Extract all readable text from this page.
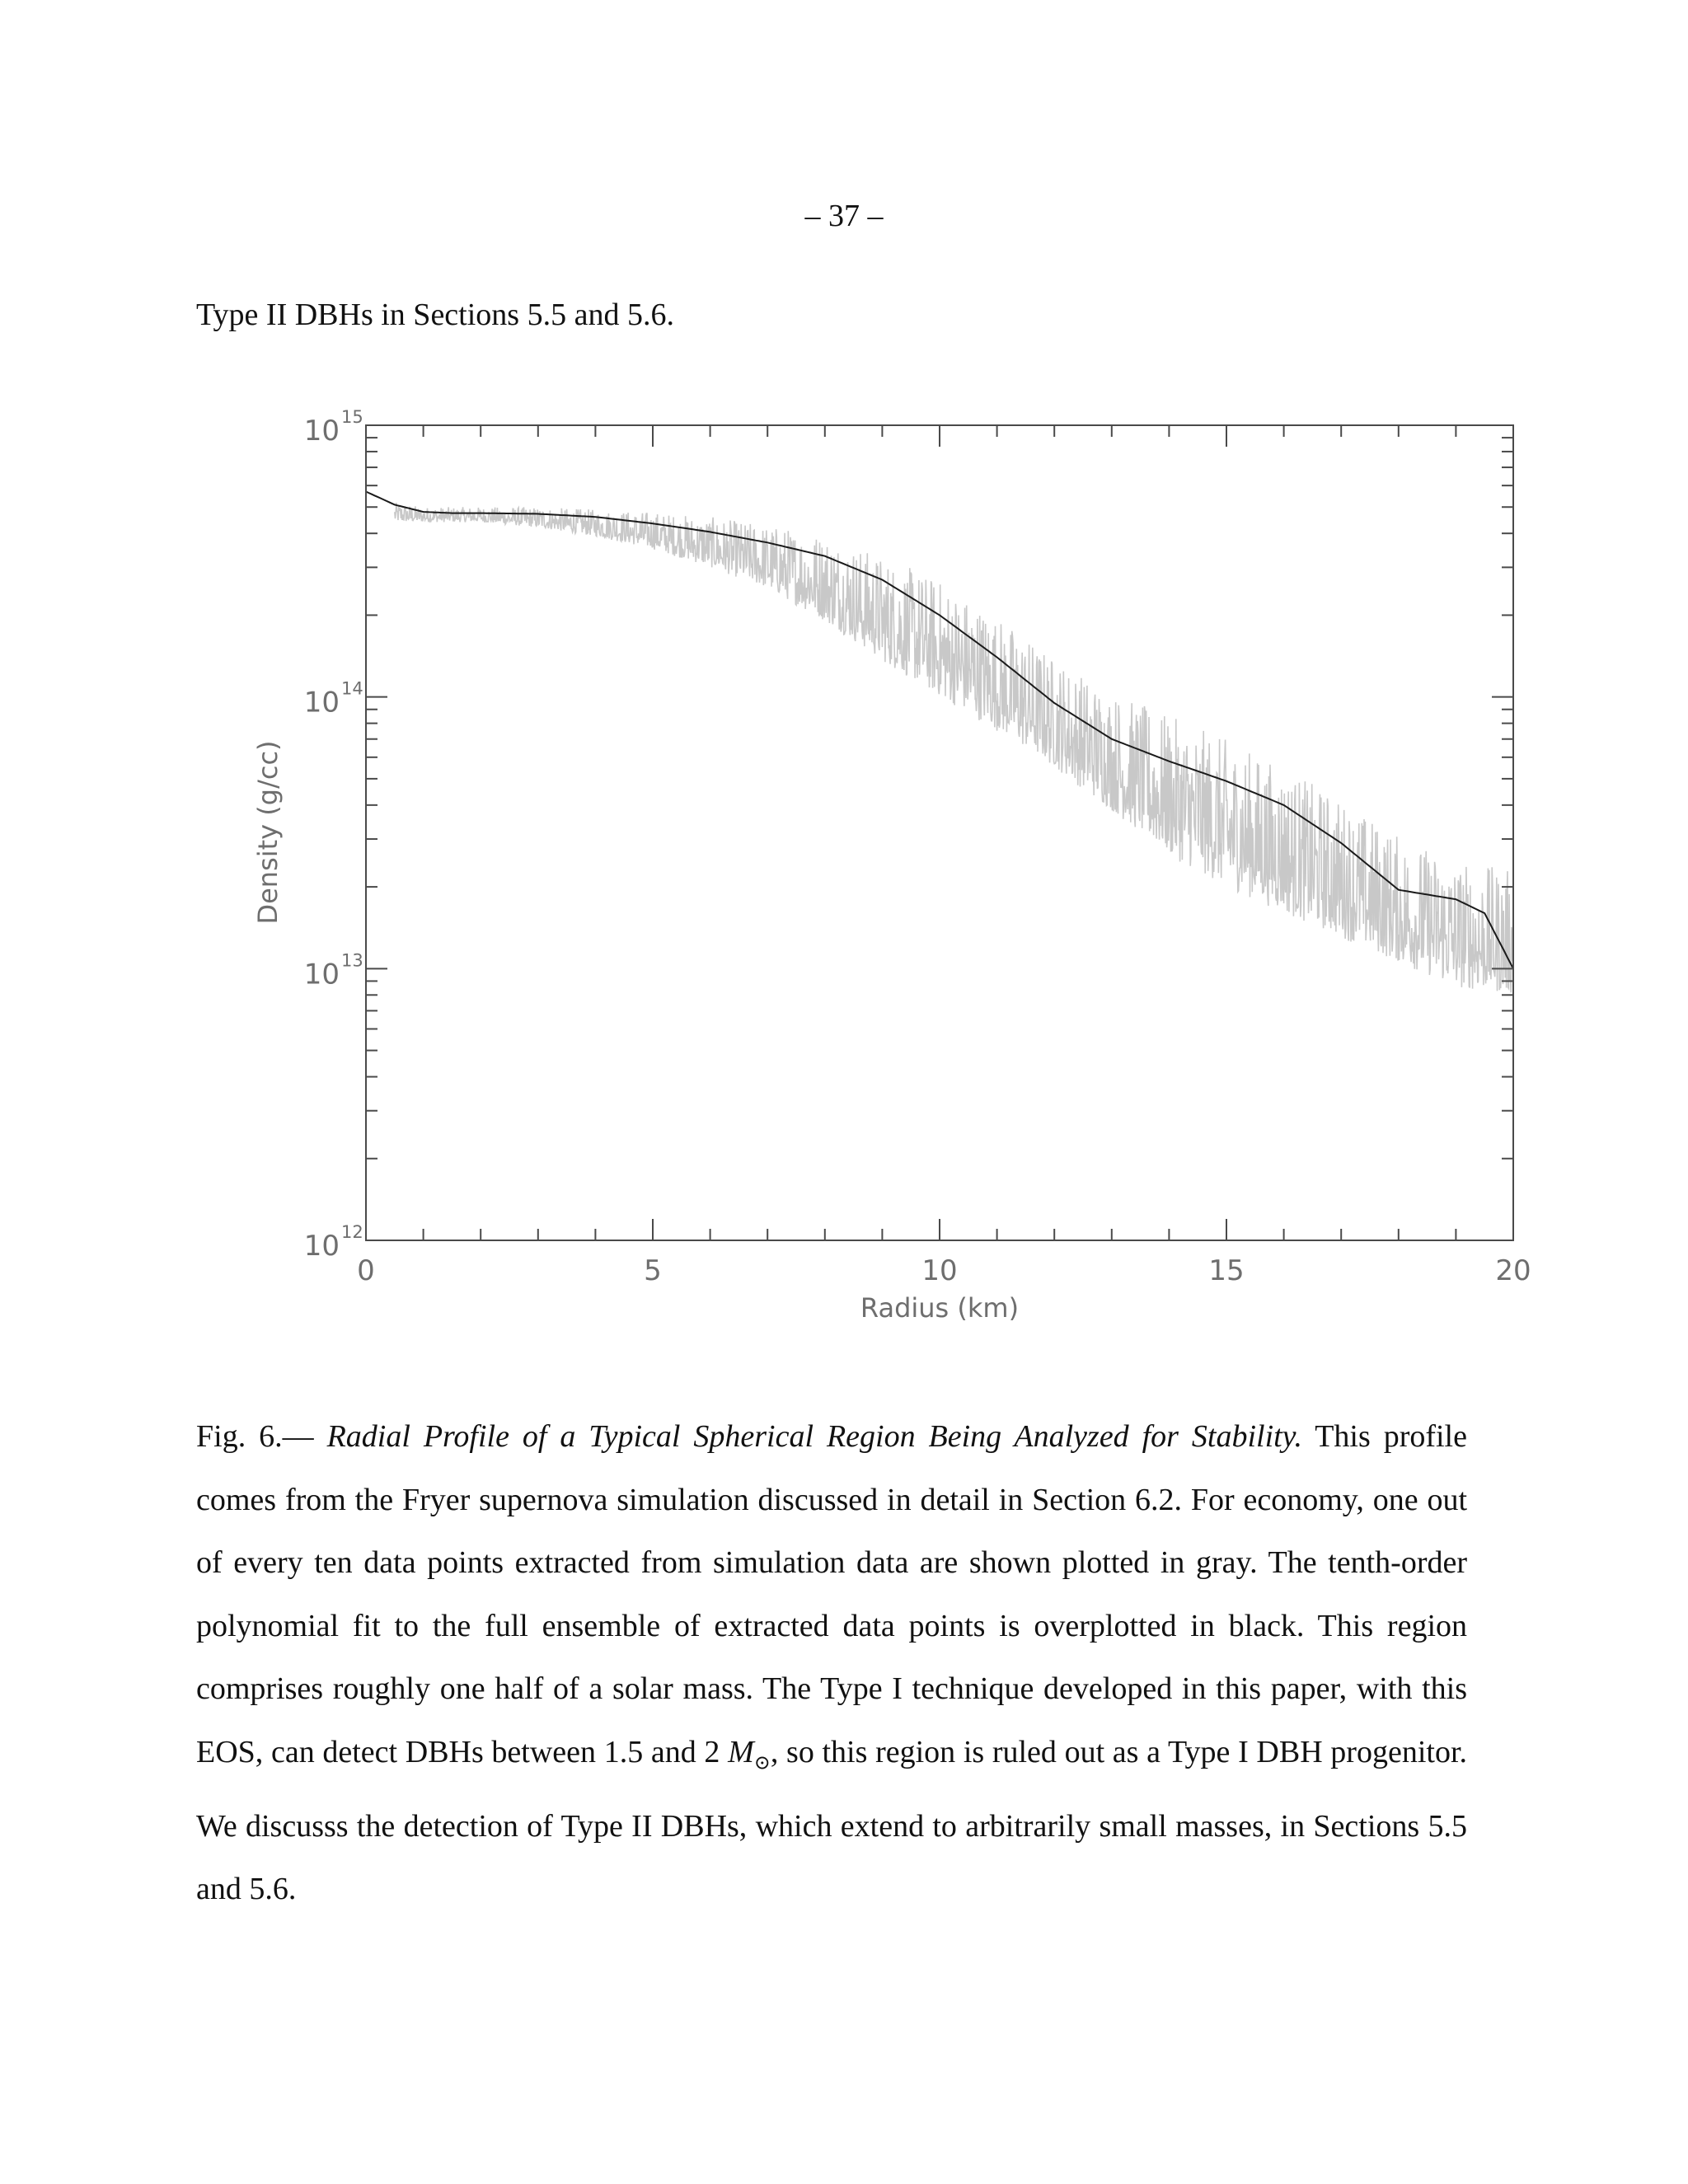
– 37 –
Type II DBHs in Sections 5.5 and 5.6.
0	5	10	15	20
10 12
10 13
10 14
10 15
Radius (km)
Density (g/cc)
Fig. 6.— Radial Profile of a Typical Spherical Region Being Analyzed for Stability. This profile comes from the Fryer supernova simulation discussed in detail in Section 6.2. For economy, one out of every ten data points extracted from simulation data are shown plotted in gray. The tenth-order polynomial fit to the full ensemble of extracted data points is overplotted in black. This region comprises roughly one half of a solar mass. The Type I technique developed in this paper, with this EOS, can detect DBHs between 1.5 and 2 $M_⊙$, so this region is ruled out as a Type I DBH progenitor. We discusss the detection of Type II DBHs, which extend to arbitrarily small masses, in Sections 5.5 and 5.6.
